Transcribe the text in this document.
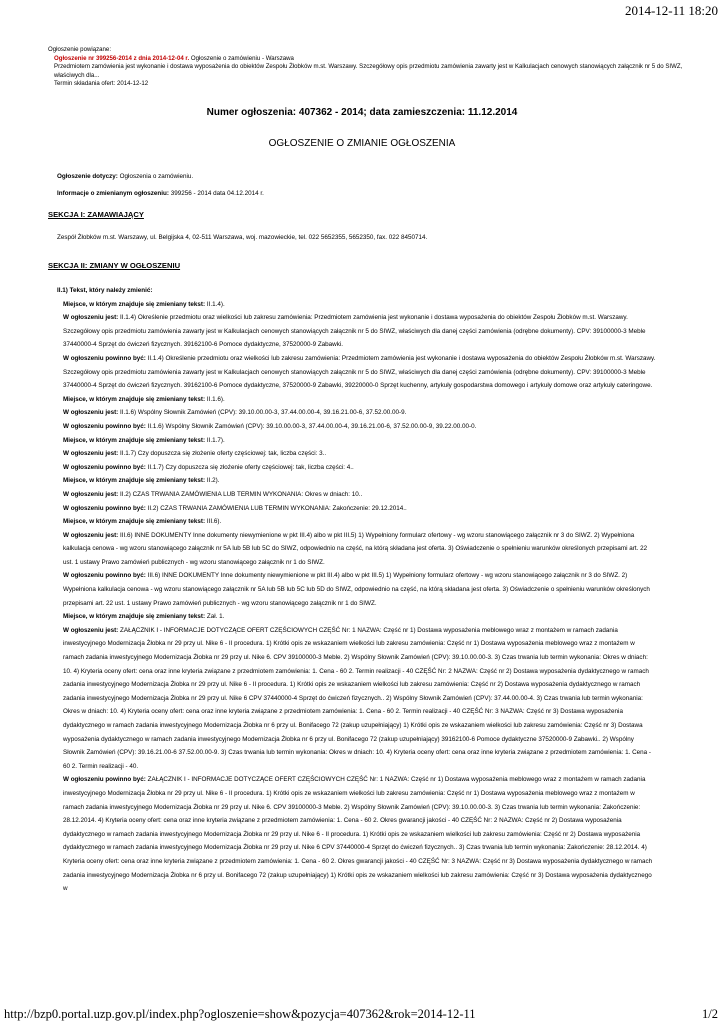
2014-12-11 18:20
Ogłoszenie powiązane:
Ogłoszenie nr 399256-2014 z dnia 2014-12-04 r. Ogłoszenie o zamówieniu - Warszawa
Przedmiotem zamówienia jest wykonanie i dostawa wyposażenia do obiektów Zespołu Żłobków m.st. Warszawy. Szczegółowy opis przedmiotu zamówienia zawarty jest w Kalkulacjach cenowych stanowiących załącznik nr 5 do SIWZ, właściwych dla...
Termin składania ofert: 2014-12-12
Numer ogłoszenia: 407362 - 2014; data zamieszczenia: 11.12.2014
OGŁOSZENIE O ZMIANIE OGŁOSZENIA
Ogłoszenie dotyczy: Ogłoszenia o zamówieniu.
Informacje o zmienianym ogłoszeniu: 399256 - 2014 data 04.12.2014 r.
SEKCJA I: ZAMAWIAJĄCY
Zespół Żłobków m.st. Warszawy, ul. Belgijska 4, 02-511 Warszawa, woj. mazowieckie, tel. 022 5652355, 5652350, fax. 022 8450714.
SEKCJA II: ZMIANY W OGŁOSZENIU

II.1) Tekst, który należy zmienić:

Miejsce, w którym znajduje się zmieniany tekst: II.1.4).

W ogłoszeniu jest: II.1.4) Określenie przedmiotu oraz wielkości lub zakresu zamówienia: Przedmiotem zamówienia jest wykonanie i dostawa wyposażenia do obiektów Zespołu Żłobków m.st. Warszawy. Szczegółowy opis przedmiotu zamówienia zawarty jest w Kalkulacjach cenowych stanowiących załącznik nr 5 do SIWZ, właściwych dla danej części zamówienia (odrębne dokumenty). CPV: 39100000-3 Meble 37440000-4 Sprzęt do ćwiczeń fizycznych. 39162100-6 Pomoce dydaktyczne, 37520000-9 Zabawki.

W ogłoszeniu powinno być: II.1.4) Określenie przedmiotu oraz wielkości lub zakresu zamówienia: Przedmiotem zamówienia jest wykonanie i dostawa wyposażenia do obiektów Zespołu Żłobków m.st. Warszawy. Szczegółowy opis przedmiotu zamówienia zawarty jest w Kalkulacjach cenowych stanowiących załącznik nr 5 do SIWZ, właściwych dla danej części zamówienia (odrębne dokumenty). CPV: 39100000-3 Meble 37440000-4 Sprzęt do ćwiczeń fizycznych. 39162100-6 Pomoce dydaktyczne, 37520000-9 Zabawki, 39220000-0 Sprzęt kuchenny, artykuły gospodarstwa domowego i artykuły domowe oraz artykuły cateringowe.

Miejsce, w którym znajduje się zmieniany tekst: II.1.6).

W ogłoszeniu jest: II.1.6) Wspólny Słownik Zamówień (CPV): 39.10.00.00-3, 37.44.00.00-4, 39.16.21.00-6, 37.52.00.00-9.

W ogłoszeniu powinno być: II.1.6) Wspólny Słownik Zamówień (CPV): 39.10.00.00-3, 37.44.00.00-4, 39.16.21.00-6, 37.52.00.00-9, 39.22.00.00-0.

Miejsce, w którym znajduje się zmieniany tekst: II.1.7).

W ogłoszeniu jest: II.1.7) Czy dopuszcza się złożenie oferty częściowej: tak, liczba części: 3..

W ogłoszeniu powinno być: II.1.7) Czy dopuszcza się złożenie oferty częściowej: tak, liczba części: 4..

Miejsce, w którym znajduje się zmieniany tekst: II.2).

W ogłoszeniu jest: II.2) CZAS TRWANIA ZAMÓWIENIA LUB TERMIN WYKONANIA: Okres w dniach: 10..

W ogłoszeniu powinno być: II.2) CZAS TRWANIA ZAMÓWIENIA LUB TERMIN WYKONANIA: Zakończenie: 29.12.2014..

Miejsce, w którym znajduje się zmieniany tekst: III.6).

W ogłoszeniu jest: III.6) INNE DOKUMENTY Inne dokumenty niewymienione w pkt III.4) albo w pkt III.5) 1) Wypełniony formularz ofertowy - wg wzoru stanowiącego załącznik nr 3 do SIWZ. 2) Wypełniona kalkulacja cenowa - wg wzoru stanowiącego załącznik nr 5A lub 5B lub 5C do SIWZ, odpowiednio na część, na którą składana jest oferta. 3) Oświadczenie o spełnieniu warunków określonych przepisami art. 22 ust. 1 ustawy Prawo zamówień publicznych - wg wzoru stanowiącego załącznik nr 1 do SIWZ.

W ogłoszeniu powinno być: III.6) INNE DOKUMENTY Inne dokumenty niewymienione w pkt III.4) albo w pkt III.5) 1) Wypełniony formularz ofertowy - wg wzoru stanowiącego załącznik nr 3 do SIWZ. 2) Wypełniona kalkulacja cenowa - wg wzoru stanowiącego załącznik nr 5A lub 5B lub 5C lub 5D do SIWZ, odpowiednio na część, na którą składana jest oferta. 3) Oświadczenie o spełnieniu warunków określonych przepisami art. 22 ust. 1 ustawy Prawo zamówień publicznych - wg wzoru stanowiącego załącznik nr 1 do SIWZ.

Miejsce, w którym znajduje się zmieniany tekst: Zał. 1.

W ogłoszeniu jest: ZAŁĄCZNIK I - INFORMACJE DOTYCZĄCE OFERT CZĘŚCIOWYCH CZĘŚĆ Nr: 1 NAZWA: Część nr 1) Dostawa wyposażenia meblowego wraz z montażem w ramach zadania inwestycyjnego Modernizacja Żłobka nr 29 przy ul. Nike 6 - II procedura. 1) Krótki opis ze wskazaniem wielkości lub zakresu zamówienia: Część nr 1) Dostawa wyposażenia meblowego wraz z montażem w ramach zadania inwestycyjnego Modernizacja Żłobka nr 29 przy ul. Nike 6. CPV 39100000-3 Meble. 2) Wspólny Słownik Zamówień (CPV): 39.10.00.00-3. 3) Czas trwania lub termin wykonania: Okres w dniach: 10. 4) Kryteria oceny ofert: cena oraz inne kryteria związane z przedmiotem zamówienia: 1. Cena - 60 2. Termin realizacji - 40 CZĘŚĆ Nr: 2 NAZWA: Część nr 2) Dostawa wyposażenia dydaktycznego w ramach zadania inwestycyjnego Modernizacja Żłobka nr 29 przy ul. Nike 6 - II procedura. 1) Krótki opis ze wskazaniem wielkości lub zakresu zamówienia: Część nr 2) Dostawa wyposażenia dydaktycznego w ramach zadania inwestycyjnego Modernizacja Żłobka nr 29 przy ul. Nike 6 CPV 37440000-4 Sprzęt do ćwiczeń fizycznych.. 2) Wspólny Słownik Zamówień (CPV): 37.44.00.00-4. 3) Czas trwania lub termin wykonania: Okres w dniach: 10. 4) Kryteria oceny ofert: cena oraz inne kryteria związane z przedmiotem zamówienia: 1. Cena - 60 2. Termin realizacji - 40 CZĘŚĆ Nr: 3 NAZWA: Część nr 3) Dostawa wyposażenia dydaktycznego w ramach zadania inwestycyjnego Modernizacja Żłobka nr 6 przy ul. Bonifacego 72 (zakup uzupełniający) 1) Krótki opis ze wskazaniem wielkości lub zakresu zamówienia: Część nr 3) Dostawa wyposażenia dydaktycznego w ramach zadania inwestycyjnego Modernizacja Żłobka nr 6 przy ul. Bonifacego 72 (zakup uzupełniający) 39162100-6 Pomoce dydaktyczne 37520000-9 Zabawki.. 2) Wspólny Słownik Zamówień (CPV): 39.16.21.00-6 37.52.00.00-9. 3) Czas trwania lub termin wykonania: Okres w dniach: 10. 4) Kryteria oceny ofert: cena oraz inne kryteria związane z przedmiotem zamówienia: 1. Cena - 60 2. Termin realizacji - 40.

W ogłoszeniu powinno być: ZAŁĄCZNIK I - INFORMACJE DOTYCZĄCE OFERT CZĘŚCIOWYCH CZĘŚĆ Nr: 1 NAZWA: Część nr 1) Dostawa wyposażenia meblowego wraz z montażem w ramach zadania inwestycyjnego Modernizacja Żłobka nr 29 przy ul. Nike 6 - II procedura. 1) Krótki opis ze wskazaniem wielkości lub zakresu zamówienia: Część nr 1) Dostawa wyposażenia meblowego wraz z montażem w ramach zadania inwestycyjnego Modernizacja Żłobka nr 29 przy ul. Nike 6. CPV 39100000-3 Meble. 2) Wspólny Słownik Zamówień (CPV): 39.10.00.00-3. 3) Czas trwania lub termin wykonania: Zakończenie: 28.12.2014. 4) Kryteria oceny ofert: cena oraz inne kryteria związane z przedmiotem zamówienia: 1. Cena - 60 2. Okres gwarancji jakości - 40 CZĘŚĆ Nr: 2 NAZWA: Część nr 2) Dostawa wyposażenia dydaktycznego w ramach zadania inwestycyjnego Modernizacja Żłobka nr 29 przy ul. Nike 6 - II procedura. 1) Krótki opis ze wskazaniem wielkości lub zakresu zamówienia: Część nr 2) Dostawa wyposażenia dydaktycznego w ramach zadania inwestycyjnego Modernizacja Żłobka nr 29 przy ul. Nike 6 CPV 37440000-4 Sprzęt do ćwiczeń fizycznych.. 3) Czas trwania lub termin wykonania: Zakończenie: 28.12.2014. 4) Kryteria oceny ofert: cena oraz inne kryteria związane z przedmiotem zamówienia: 1. Cena - 60 2. Okres gwarancji jakości - 40 CZĘŚĆ Nr: 3 NAZWA: Część nr 3) Dostawa wyposażenia dydaktycznego w ramach zadania inwestycyjnego Modernizacja Żłobka nr 6 przy ul. Bonifacego 72 (zakup uzupełniający) 1) Krótki opis ze wskazaniem wielkości lub zakresu zamówienia: Część nr 3) Dostawa wyposażenia dydaktycznego w

http://bzp0.portal.uzp.gov.pl/index.php?ogloszenie=show&pozycja=407362&rok=2014-12-11	1/2
